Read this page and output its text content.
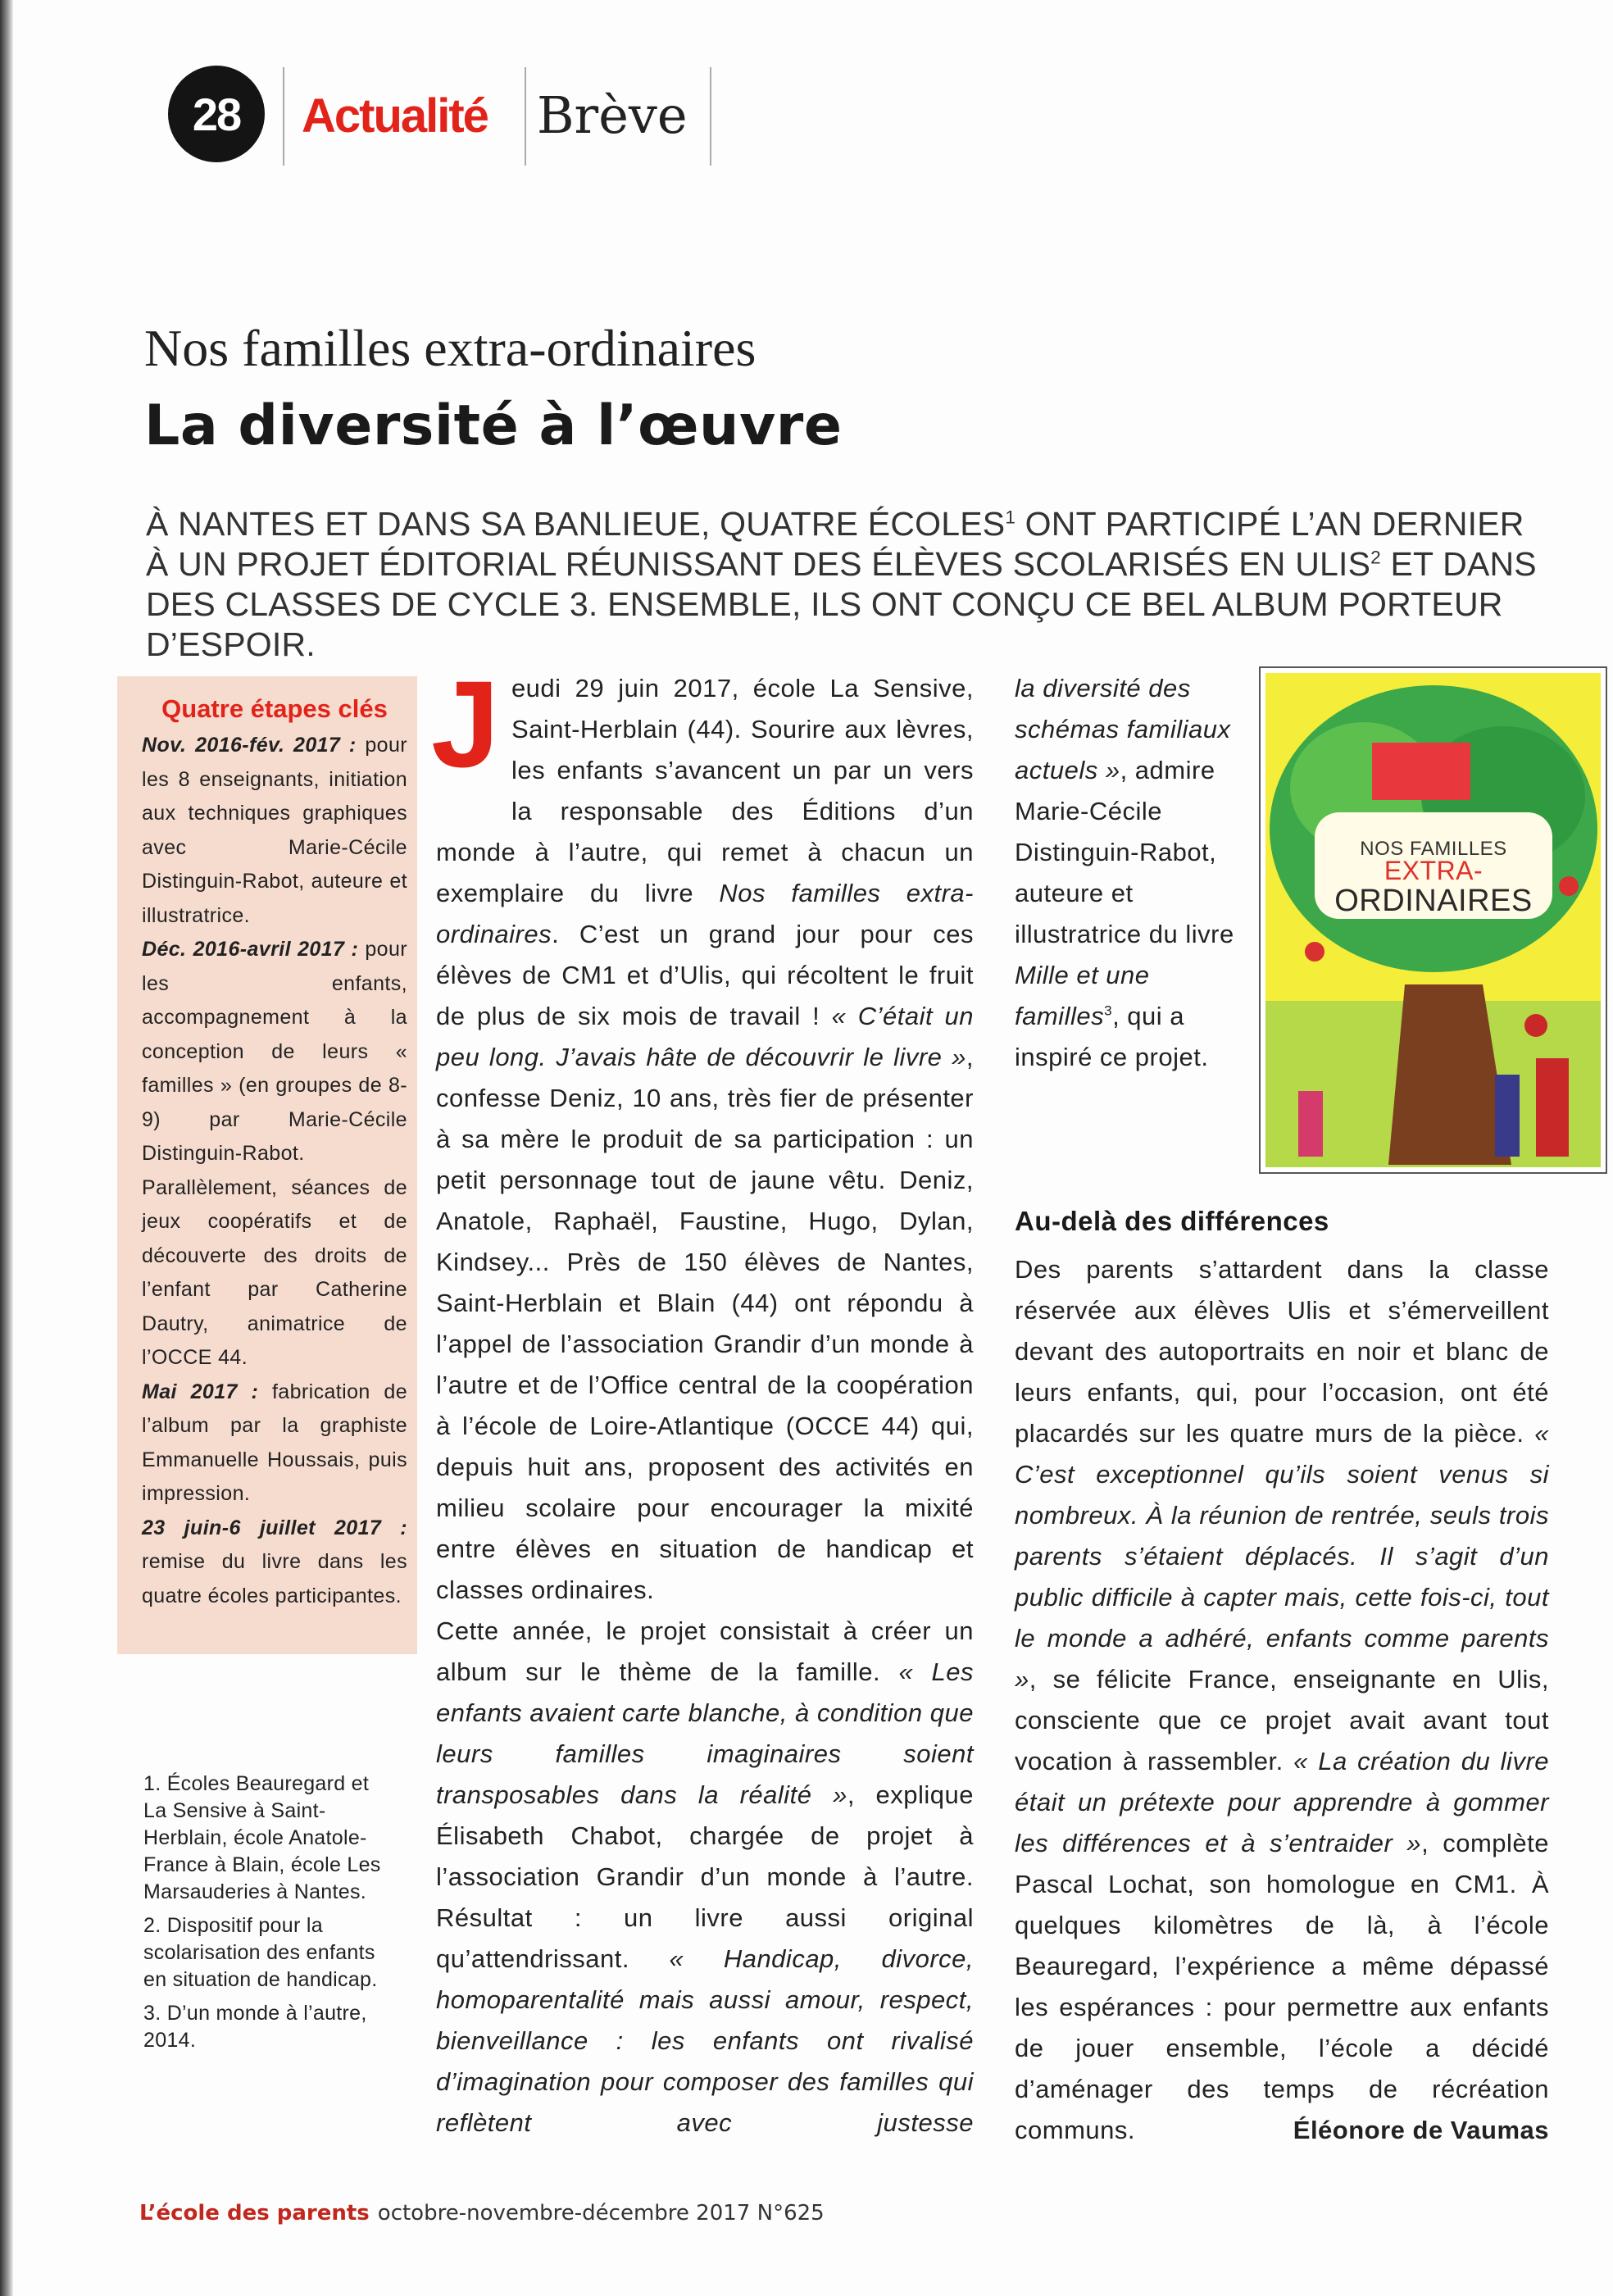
28	Actualité Brève
Nos familles extra-ordinaires
La diversité à l’œuvre
À NANTES ET DANS SA BANLIEUE, QUATRE ÉCOLES$^1$ ONT PARTICIPÉ L’AN DERNIER À UN PROJET ÉDITORIAL RÉUNISSANT DES ÉLÈVES SCOLARISÉS EN ULIS$^2$ ET DANS DES CLASSES DE CYCLE 3. ENSEMBLE, ILS ONT CONÇU CE BEL ALBUM PORTEUR D’ESPOIR.
Quatre étapes clés

Nov. 2016-fév. 2017 : pour les 8 enseignants, initiation aux techniques graphiques avec Marie-Cécile Distinguin-Rabot, auteure et illustratrice.
Déc. 2016-avril 2017 : pour les enfants, accompagnement à la conception de leurs « familles » (en groupes de 8-9) par Marie-Cécile Distinguin-Rabot. Parallèlement, séances de jeux coopératifs et de découverte des droits de l’enfant par Catherine Dautry, animatrice de l’OCCE 44.
Mai 2017 : fabrication de l’album par la graphiste Emmanuelle Houssais, puis impression.
23 juin-6 juillet 2017 : remise du livre dans les quatre écoles participantes.

1. Écoles Beauregard et La Sensive à Saint-Herblain, école Anatole-France à Blain, école Les Marsauderies à Nantes.

2. Dispositif pour la scolarisation des enfants en situation de handicap.

3. D’un monde à l’autre, 2014.

J eudi 29 juin 2017, école La Sensive, Saint-Herblain (44). Sourire aux lèvres, les enfants s’avancent un par un vers la responsable des Éditions d’un monde à l’autre, qui remet à chacun un exemplaire du livre Nos familles extra-ordinaires. C’est un grand jour pour ces élèves de CM1 et d’Ulis, qui récoltent le fruit de plus de six mois de travail ! « C’était un peu long. J’avais hâte de découvrir le livre », confesse Deniz, 10 ans, très fier de présenter à sa mère le produit de sa participation : un petit personnage tout de jaune vêtu. Deniz, Anatole, Raphaël, Faustine, Hugo, Dylan, Kindsey... Près de 150 élèves de Nantes, Saint-Herblain et Blain (44) ont répondu à l’appel de l’association Grandir d’un monde à l’autre et de l’Office central de la coopération à l’école de Loire-Atlantique (OCCE 44) qui, depuis huit ans, proposent des activités en milieu scolaire pour encourager la mixité entre élèves en situation de handicap et classes ordinaires.

Cette année, le projet consistait à créer un album sur le thème de la famille. « Les enfants avaient carte blanche, à condition que leurs familles imaginaires soient transposables dans la réalité », explique Élisabeth Chabot, chargée de projet à l’association Grandir d’un monde à l’autre. Résultat : un livre aussi original qu’attendrissant. « Handicap, divorce, homoparentalité mais aussi amour, respect, bienveillance : les enfants ont rivalisé d’imagination pour composer des familles qui reflètent avec justesse

NOS FAMILLES
EXTRA-
ORDINAIRES

la diversité des schémas familiaux actuels », admire Marie-Cécile Distinguin-Rabot, auteure et illustratrice du livre Mille et une familles$^3$, qui a inspiré ce projet.

Au-delà des différences

Des parents s’attardent dans la classe réservée aux élèves Ulis et s’émerveillent devant des autoportraits en noir et blanc de leurs enfants, qui, pour l’occasion, ont été placardés sur les quatre murs de la pièce. « C’est exceptionnel qu’ils soient venus si nombreux. À la réunion de rentrée, seuls trois parents s’étaient déplacés. Il s’agit d’un public difficile à capter mais, cette fois-ci, tout le monde a adhéré, enfants comme parents », se félicite France, enseignante en Ulis, consciente que ce projet avait avant tout vocation à rassembler. « La création du livre était un prétexte pour apprendre à gommer les différences et à s’entraider », complète Pascal Lochat, son homologue en CM1. À quelques kilomètres de là, à l’école Beauregard, l’expérience a même dépassé les espérances : pour permettre aux enfants de jouer ensemble, l’école a décidé d’aménager des temps de récréation communs.	Éléonore de Vaumas

L’école des parents octobre-novembre-décembre 2017 N°625
